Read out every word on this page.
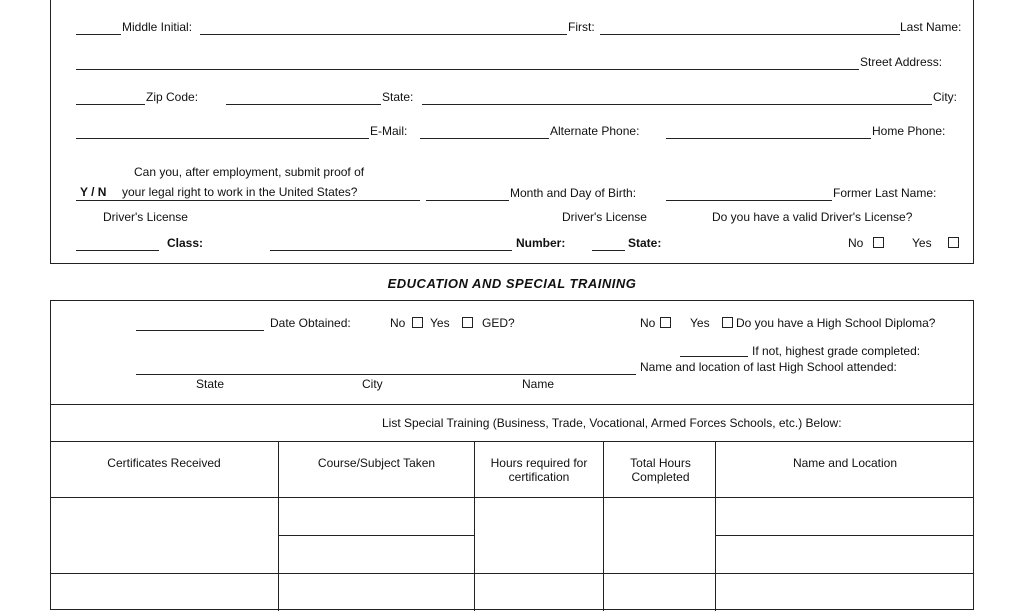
Last Name:
First:
Middle Initial:
Street Address:
City:
State:
Zip Code:
Home Phone:
Alternate Phone:
E-Mail:
Can you, after employment, submit proof of
your legal right to work in the United States?
Y / N	Former Last Name:
Month and Day of Birth:
Do you have a valid Driver's License?
Driver's License
Driver's License
Yes
No
State:
Number:
Class:
EDUCATION AND SPECIAL TRAINING
Do you have a High School Diploma?
Yes
No
GED?
Yes
No
Date Obtained:
If not, highest grade completed:
Name and location of last High School attended:
Name
City
State
List Special Training (Business, Trade, Vocational, Armed Forces Schools, etc.) Below:
Name and Location
Total Hours Completed
Hours required for certification
Course/Subject Taken
Certificates Received
